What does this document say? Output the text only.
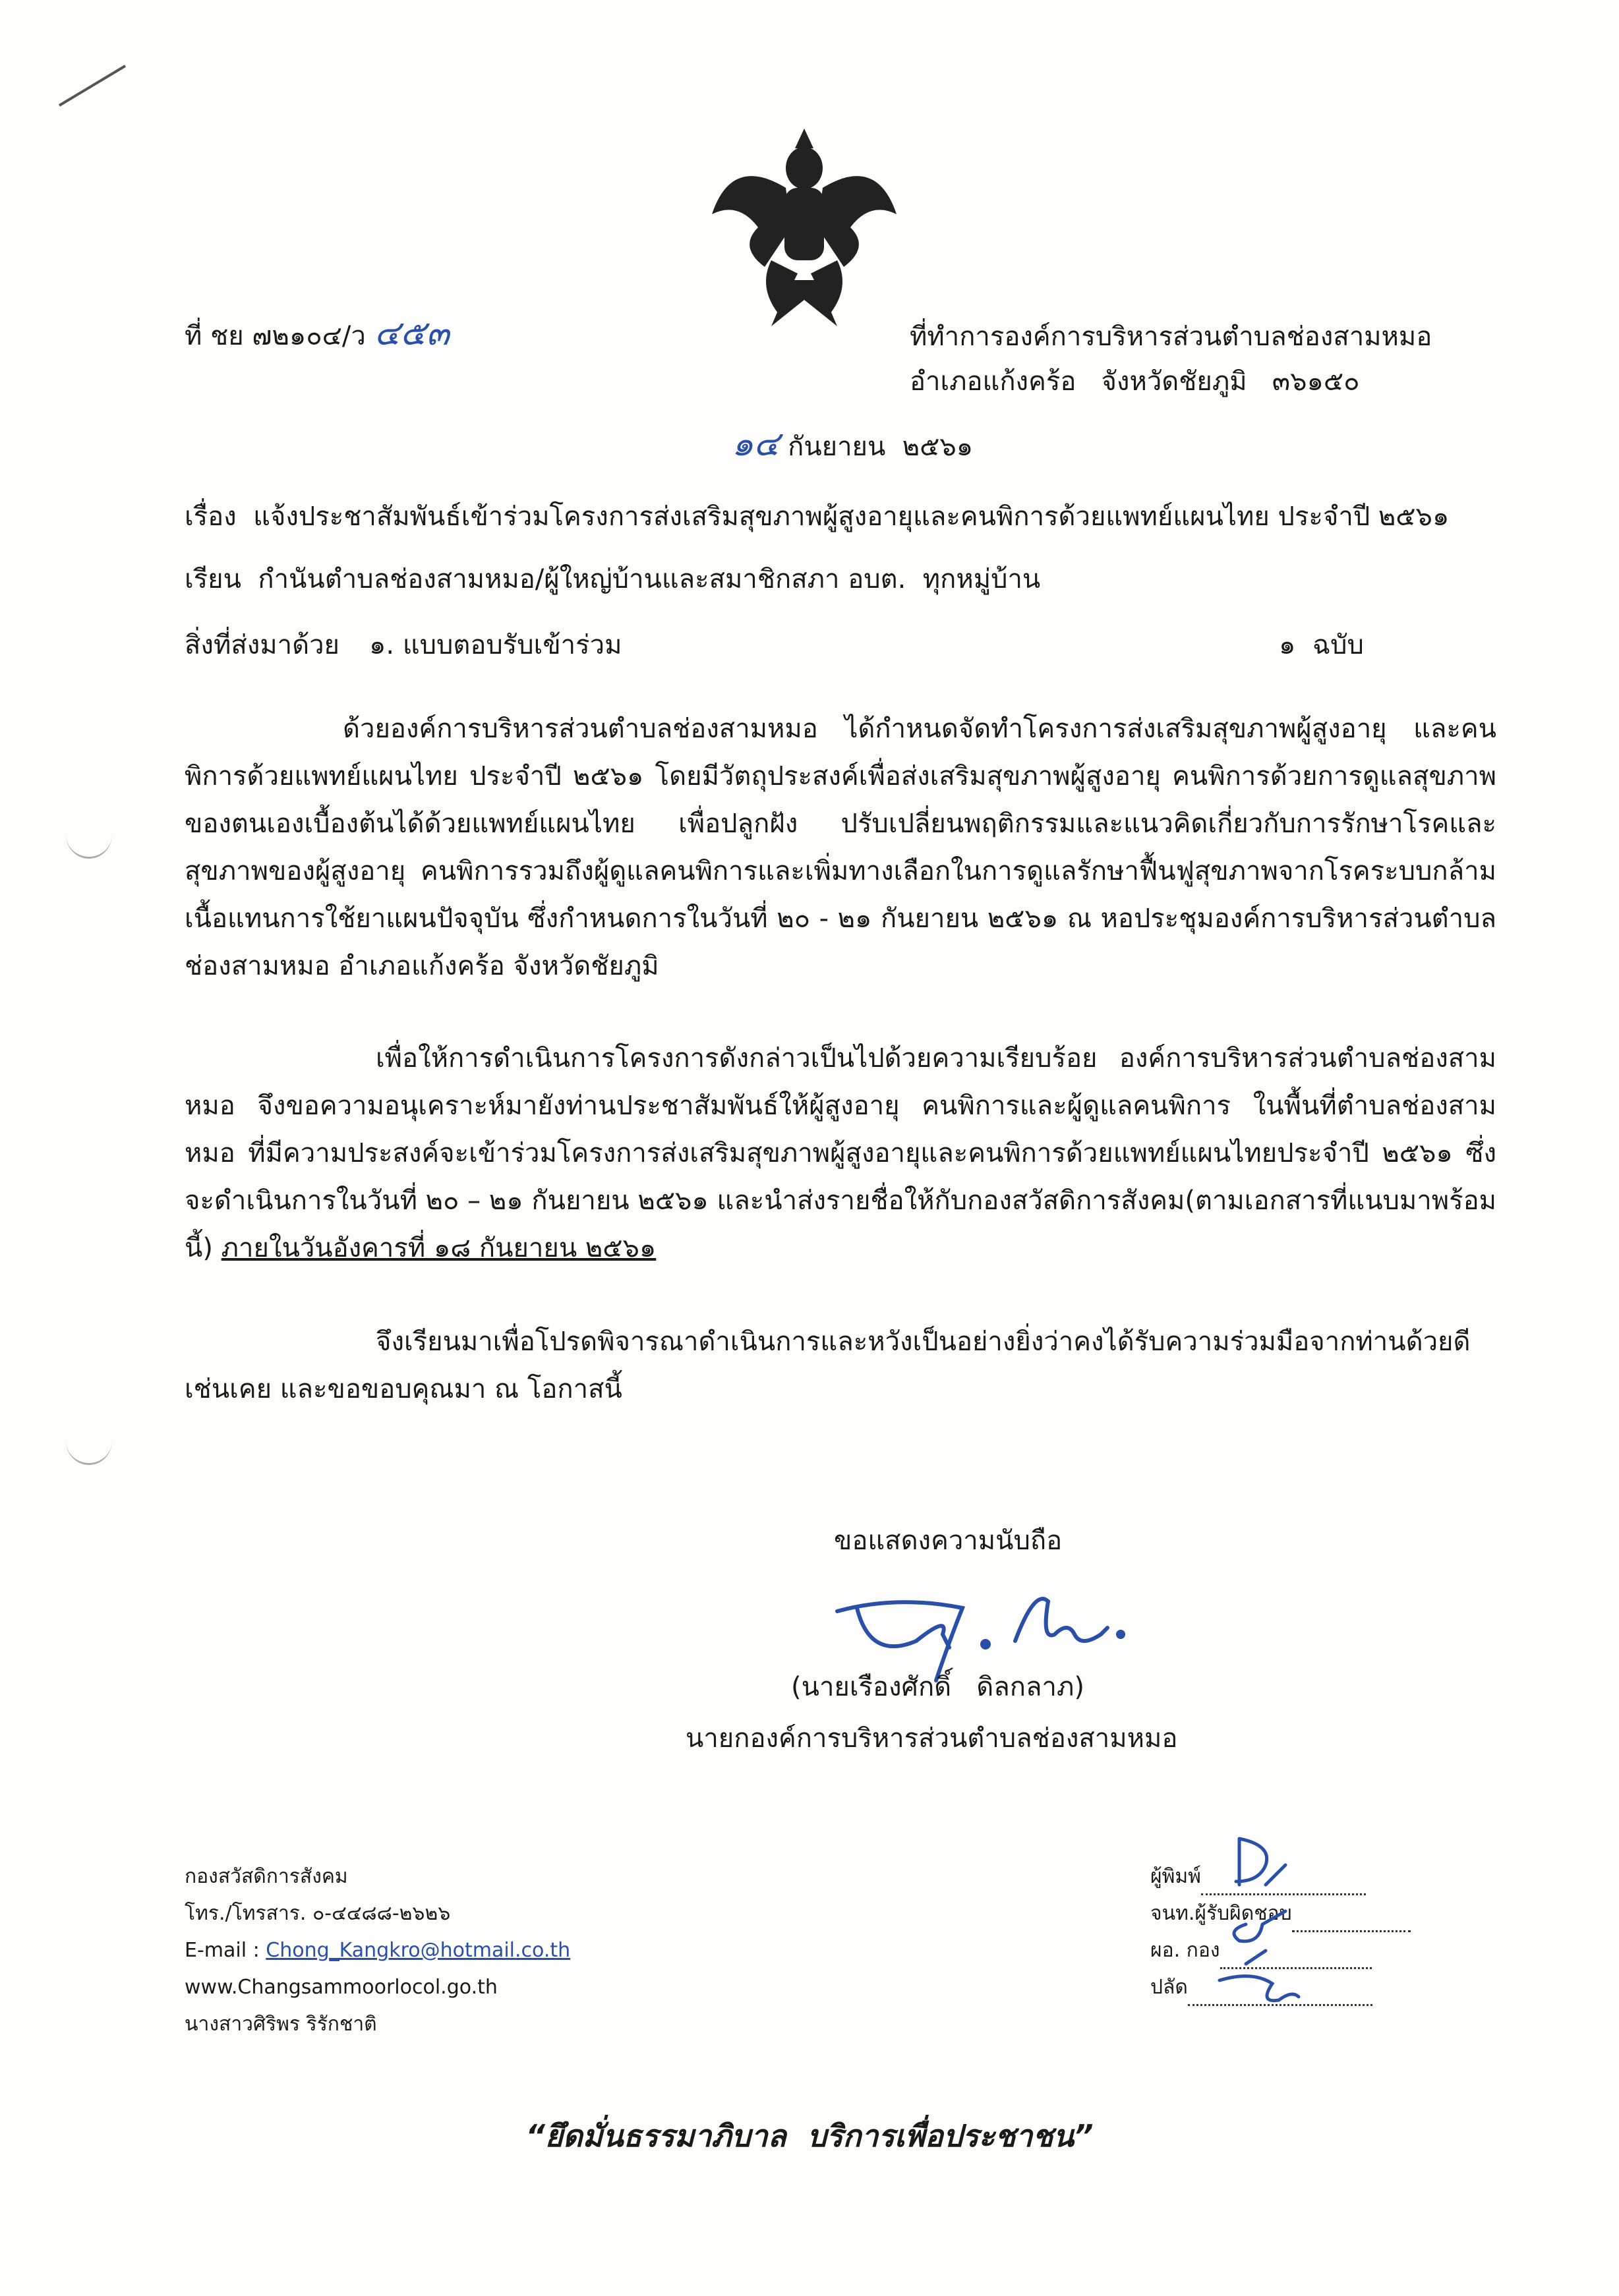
ที่ ชย ๗๒๑๐๔/ว ๔๕๓	ที่ทำการองค์การบริหารส่วนตำบลช่องสามหมอ
อำเภอแก้งคร้อ   จังหวัดชัยภูมิ   ๓๖๑๕๐
๑๔ กันยายน  ๒๕๖๑
เรื่อง  แจ้งประชาสัมพันธ์เข้าร่วมโครงการส่งเสริมสุขภาพผู้สูงอายุและคนพิการด้วยแพทย์แผนไทย ประจำปี ๒๕๖๑
เรียน  กำนันตำบลช่องสามหมอ/ผู้ใหญ่บ้านและสมาชิกสภา อบต.  ทุกหมู่บ้าน
สิ่งที่ส่งมาด้วย ๑. แบบตอบรับเข้าร่วม	๑  ฉบับ
ด้วยองค์การบริหารส่วนตำบลช่องสามหมอ ได้กำหนดจัดทำโครงการส่งเสริมสุขภาพผู้สูงอายุ และคนพิการด้วยแพทย์แผนไทย ประจำปี ๒๕๖๑ โดยมีวัตถุประสงค์เพื่อส่งเสริมสุขภาพผู้สูงอายุ คนพิการด้วยการดูแลสุขภาพของตนเองเบื้องต้นได้ด้วยแพทย์แผนไทย เพื่อปลูกฝัง ปรับเปลี่ยนพฤติกรรมและแนวคิดเกี่ยวกับการรักษาโรคและสุขภาพของผู้สูงอายุ คนพิการรวมถึงผู้ดูแลคนพิการและเพิ่มทางเลือกในการดูแลรักษาฟื้นฟูสุขภาพจากโรคระบบกล้ามเนื้อแทนการใช้ยาแผนปัจจุบัน ซึ่งกำหนดการในวันที่ ๒๐ - ๒๑ กันยายน ๒๕๖๑ ณ หอประชุมองค์การบริหารส่วนตำบลช่องสามหมอ อำเภอแก้งคร้อ จังหวัดชัยภูมิ
เพื่อให้การดำเนินการโครงการดังกล่าวเป็นไปด้วยความเรียบร้อย องค์การบริหารส่วนตำบลช่องสามหมอ จึงขอความอนุเคราะห์มายังท่านประชาสัมพันธ์ให้ผู้สูงอายุ คนพิการและผู้ดูแลคนพิการ ในพื้นที่ตำบลช่องสามหมอ ที่มีความประสงค์จะเข้าร่วมโครงการส่งเสริมสุขภาพผู้สูงอายุและคนพิการด้วยแพทย์แผนไทยประจำปี ๒๕๖๑ ซึ่งจะดำเนินการในวันที่ ๒๐ – ๒๑ กันยายน ๒๕๖๑ และนำส่งรายชื่อให้กับกองสวัสดิการสังคม(ตามเอกสารที่แนบมาพร้อมนี้) ภายในวันอังคารที่ ๑๘ กันยายน ๒๕๖๑
จึงเรียนมาเพื่อโปรดพิจารณาดำเนินการและหวังเป็นอย่างยิ่งว่าคงได้รับความร่วมมือจากท่านด้วยดีเช่นเคย และขอขอบคุณมา ณ โอกาสนี้
ขอแสดงความนับถือ
(นายเรืองศักดิ์   ดิลกลาภ)
นายกองค์การบริหารส่วนตำบลช่องสามหมอ
กองสวัสดิการสังคม
โทร./โทรสาร. ๐-๔๔๘๘-๒๖๒๖
E-mail : Chong_Kangkro@hotmail.co.th
www.Changsammoorlocol.go.th
นางสาวศิริพร ริรักชาติ
ผู้พิมพ์
จนท.ผู้รับผิดชอบ
ผอ. กอง
ปลัด
“ยึดมั่นธรรมาภิบาล  บริการเพื่อประชาชน”
